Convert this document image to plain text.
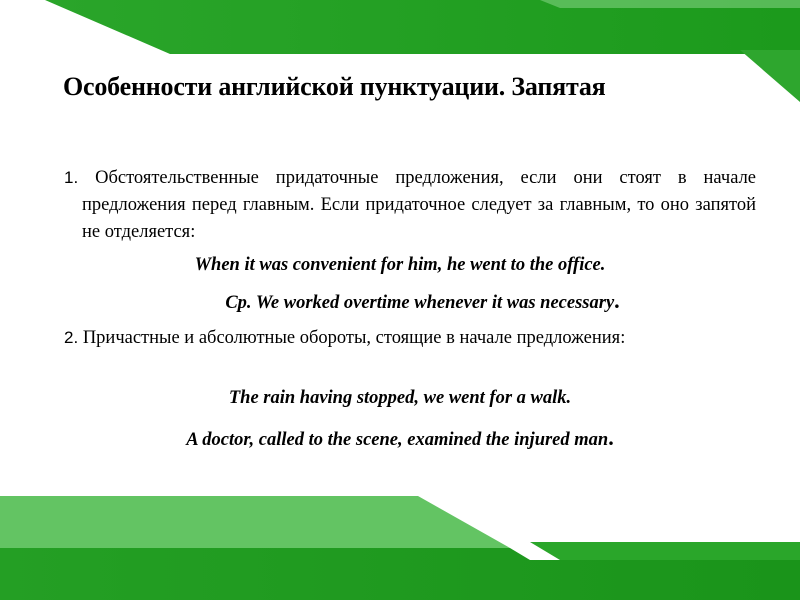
Особенности английской пунктуации. Запятая
1. Обстоятельственные придаточные предложения, если они стоят в начале предложения перед главным. Если придаточное следует за главным, то оно запятой не отделяется:
When it was convenient for him, he went to the office.
Cp. We worked overtime whenever it was necessary.
2. Причастные и абсолютные обороты, стоящие в начале предложения:
The rain having stopped, we went for a walk.
A doctor, called to the scene, examined the injured man.
